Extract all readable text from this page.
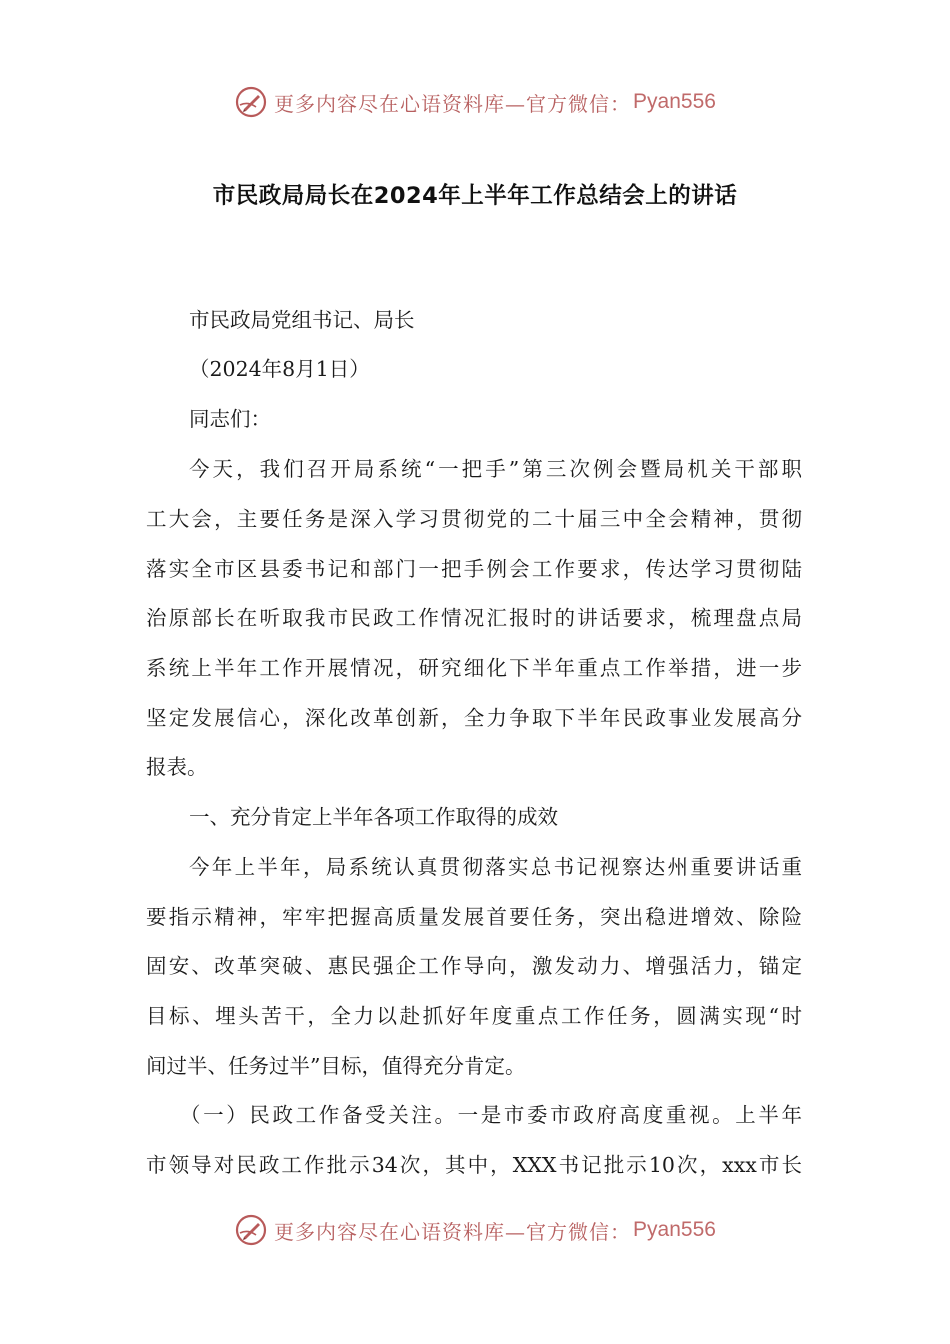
更多内容尽在心语资料库—官方微信： Pyan556
市民政局局长在2024年上半年工作总结会上的讲话
市民政局党组书记、局长
（2024年8月1日）
同志们：
今天，我们召开局系统“一把手”第三次例会暨局机关干部职
工大会，主要任务是深入学习贯彻党的二十届三中全会精神，贯彻
落实全市区县委书记和部门一把手例会工作要求，传达学习贯彻陆
治原部长在听取我市民政工作情况汇报时的讲话要求，梳理盘点局
系统上半年工作开展情况，研究细化下半年重点工作举措，进一步
坚定发展信心，深化改革创新，全力争取下半年民政事业发展高分
报表。
一、充分肯定上半年各项工作取得的成效
今年上半年，局系统认真贯彻落实总书记视察达州重要讲话重
要指示精神，牢牢把握高质量发展首要任务，突出稳进增效、除险
固安、改革突破、惠民强企工作导向，激发动力、增强活力，锚定
目标、埋头苦干，全力以赴抓好年度重点工作任务，圆满实现“时
间过半、任务过半”目标，值得充分肯定。
（一）民政工作备受关注。一是市委市政府高度重视。上半年
市领导对民政工作批示34次，其中，XXX书记批示10次，xxx市长
更多内容尽在心语资料库—官方微信： Pyan556
